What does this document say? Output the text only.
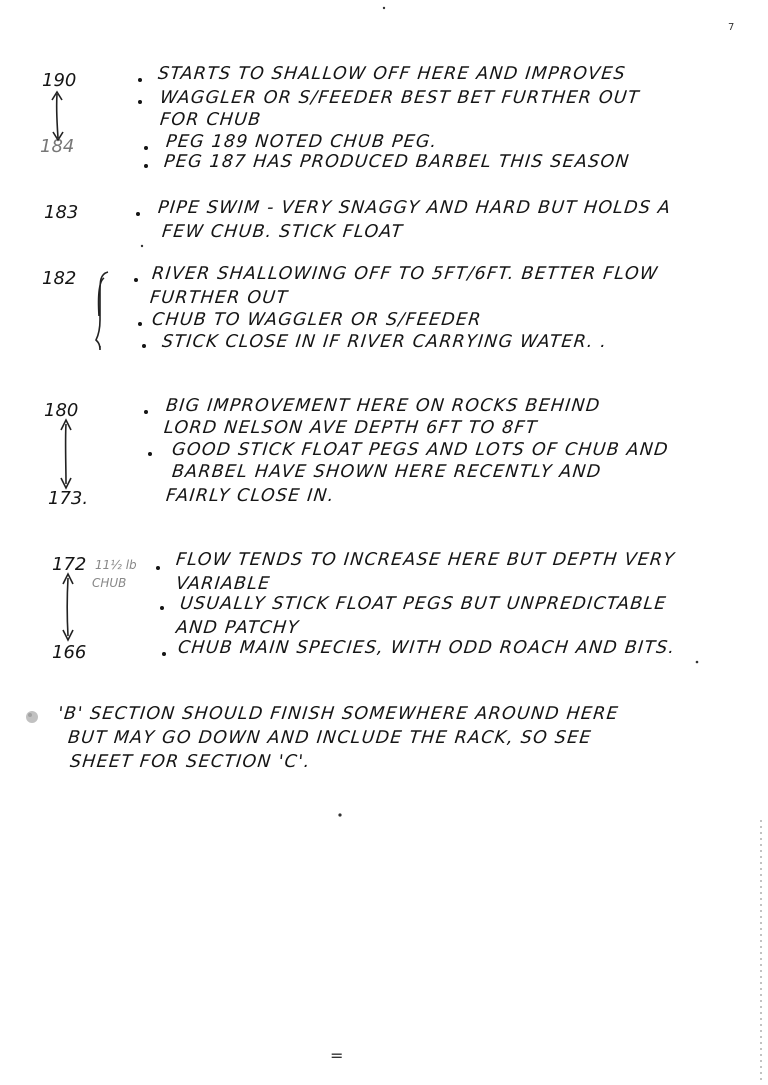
7
190
184
STARTS TO SHALLOW OFF HERE AND IMPROVES
WAGGLER OR S/FEEDER BEST BET FURTHER OUT
FOR CHUB
PEG 189 NOTED CHUB PEG.
PEG 187 HAS PRODUCED BARBEL THIS SEASON
183	PIPE SWIM - VERY SNAGGY AND HARD BUT HOLDS A
FEW CHUB. STICK FLOAT
182	RIVER SHALLOWING OFF TO 5FT/6FT. BETTER FLOW
FURTHER OUT
CHUB TO WAGGLER OR S/FEEDER
STICK CLOSE IN IF RIVER CARRYING WATER. .
180
173.
BIG IMPROVEMENT HERE ON ROCKS BEHIND
LORD NELSON AVE DEPTH 6FT TO 8FT
GOOD STICK FLOAT PEGS AND LOTS OF CHUB AND
BARBEL HAVE SHOWN HERE RECENTLY AND
FAIRLY CLOSE IN.
172 11½ lb
CHUB
166
FLOW TENDS TO INCREASE HERE BUT DEPTH VERY
VARIABLE
USUALLY STICK FLOAT PEGS BUT UNPREDICTABLE
AND PATCHY
CHUB MAIN SPECIES, WITH ODD ROACH AND BITS.
'B' SECTION SHOULD FINISH SOMEWHERE AROUND HERE
BUT MAY GO DOWN AND INCLUDE THE RACK, SO SEE
SHEET FOR SECTION 'C'.
=
